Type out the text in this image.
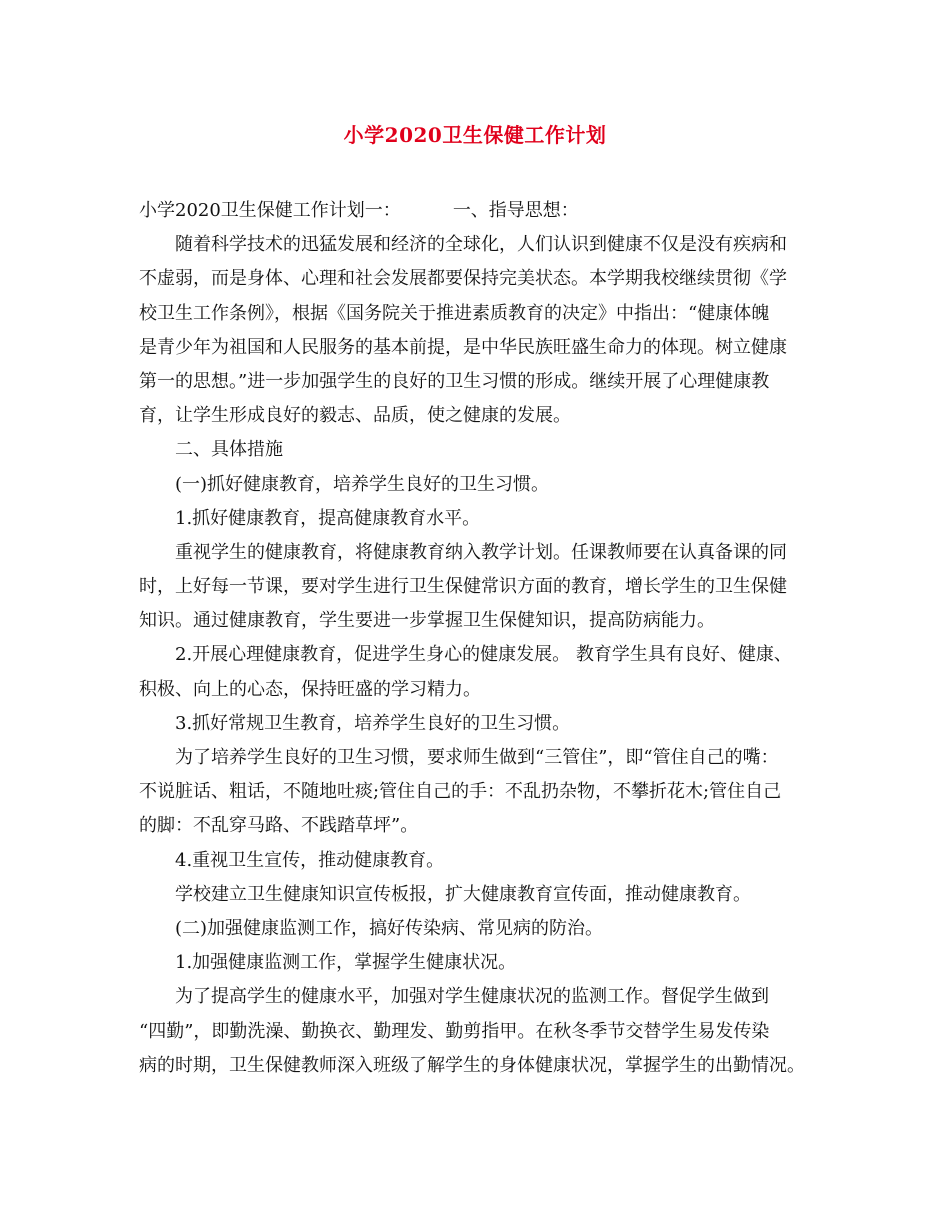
小学2020卫生保健工作计划
小学2020卫生保健工作计划一：	一、指导思想：
随着科学技术的迅猛发展和经济的全球化，人们认识到健康不仅是没有疾病和
不虚弱，而是身体、心理和社会发展都要保持完美状态。本学期我校继续贯彻《学
校卫生工作条例》，根据《国务院关于推进素质教育的决定》中指出：“健康体魄
是青少年为祖国和人民服务的基本前提，是中华民族旺盛生命力的体现。树立健康
第一的思想。”进一步加强学生的良好的卫生习惯的形成。继续开展了心理健康教
育，让学生形成良好的毅志、品质，使之健康的发展。
二、具体措施
(一)抓好健康教育，培养学生良好的卫生习惯。
1.抓好健康教育，提高健康教育水平。
重视学生的健康教育，将健康教育纳入教学计划。任课教师要在认真备课的同
时，上好每一节课，要对学生进行卫生保健常识方面的教育，增长学生的卫生保健
知识。通过健康教育，学生要进一步掌握卫生保健知识，提高防病能力。
2.开展心理健康教育，促进学生身心的健康发展。 教育学生具有良好、健康、
积极、向上的心态，保持旺盛的学习精力。
3.抓好常规卫生教育，培养学生良好的卫生习惯。
为了培养学生良好的卫生习惯，要求师生做到“三管住”，即“管住自己的嘴：
不说脏话、粗话，不随地吐痰;管住自己的手：不乱扔杂物，不攀折花木;管住自己
的脚：不乱穿马路、不践踏草坪”。
4.重视卫生宣传，推动健康教育。
学校建立卫生健康知识宣传板报，扩大健康教育宣传面，推动健康教育。
(二)加强健康监测工作，搞好传染病、常见病的防治。
1.加强健康监测工作，掌握学生健康状况。
为了提高学生的健康水平，加强对学生健康状况的监测工作。督促学生做到
“四勤”，即勤洗澡、勤换衣、勤理发、勤剪指甲。在秋冬季节交替学生易发传染
病的时期，卫生保健教师深入班级了解学生的身体健康状况，掌握学生的出勤情况。
